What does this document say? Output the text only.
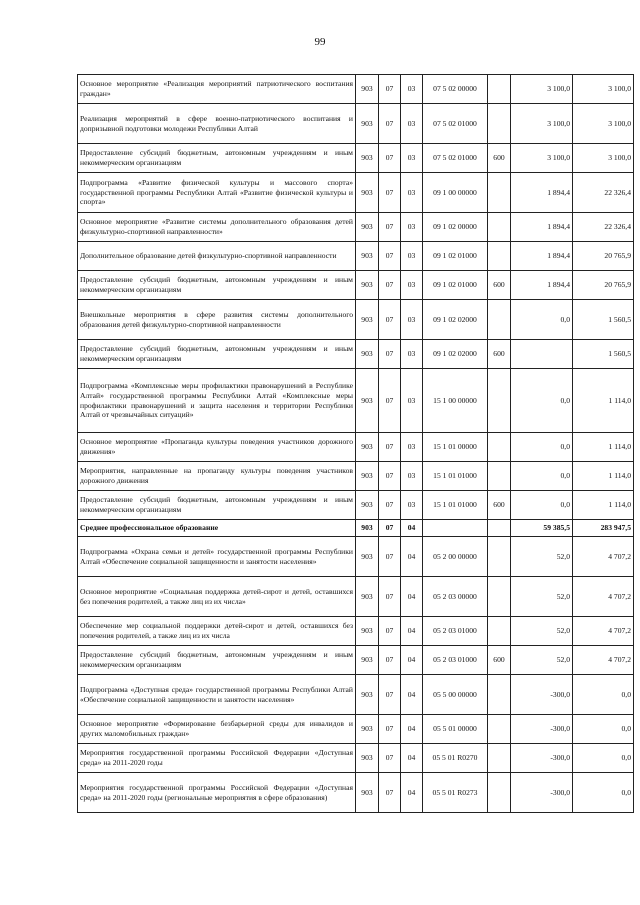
99
Основное мероприятие «Реализация мероприятий патриотического воспитания граждан»	903	07	03	07 5 02 00000		3 100,0	3 100,0
Реализация мероприятий в сфере военно-патриотического воспитания и допризывной подготовки молодежи Республики Алтай	903	07	03	07 5 02 01000		3 100,0	3 100,0
Предоставление субсидий бюджетным, автономным учреждениям и иным некоммерческим организациям	903	07	03	07 5 02 01000	600	3 100,0	3 100,0
Подпрограмма «Развитие физической культуры и массового спорта» государственной программы Республики Алтай «Развитие физической культуры и спорта»	903	07	03	09 1 00 00000		1 894,4	22 326,4
Основное мероприятие «Развитие системы дополнительного образования детей физкультурно-спортивной направленности»	903	07	03	09 1 02 00000		1 894,4	22 326,4
Дополнительное образование детей физкультурно-спортивной направленности	903	07	03	09 1 02 01000		1 894,4	20 765,9
Предоставление субсидий бюджетным, автономным учреждениям и иным некоммерческим организациям	903	07	03	09 1 02 01000	600	1 894,4	20 765,9
Внешкольные мероприятия в сфере развития системы дополнительного образования детей физкультурно-спортивной направленности	903	07	03	09 1 02 02000		0,0	1 560,5
Предоставление субсидий бюджетным, автономным учреждениям и иным некоммерческим организациям	903	07	03	09 1 02 02000	600		1 560,5
Подпрограмма «Комплексные меры профилактики правонарушений в Республике Алтай» государственной программы Республики Алтай «Комплексные меры профилактики правонарушений и защита населения и территории Республики Алтай от чрезвычайных ситуаций»	903	07	03	15 1 00 00000		0,0	1 114,0
Основное мероприятие «Пропаганда культуры поведения участников дорожного движения»	903	07	03	15 1 01 00000		0,0	1 114,0
Мероприятия, направленные на пропаганду культуры поведения участников дорожного движения	903	07	03	15 1 01 01000		0,0	1 114,0
Предоставление субсидий бюджетным, автономным учреждениям и иным некоммерческим организациям	903	07	03	15 1 01 01000	600	0,0	1 114,0
Среднее профессиональное образование	903	07	04			59 385,5	283 947,5
Подпрограмма «Охрана семьи и детей» государственной программы Республики Алтай «Обеспечение социальной защищенности и занятости населения»	903	07	04	05 2 00 00000		52,0	4 707,2
Основное мероприятие «Социальная поддержка детей-сирот и детей, оставшихся без попечения родителей, а также лиц из их числа»	903	07	04	05 2 03 00000		52,0	4 707,2
Обеспечение мер социальной поддержки детей-сирот и детей, оставшихся без попечения родителей, а также лиц из их числа	903	07	04	05 2 03 01000		52,0	4 707,2
Предоставление субсидий бюджетным, автономным учреждениям и иным некоммерческим организациям	903	07	04	05 2 03 01000	600	52,0	4 707,2
Подпрограмма «Доступная среда» государственной программы Республики Алтай «Обеспечение социальной защищенности и занятости населения»	903	07	04	05 5 00 00000		-300,0	0,0
Основное мероприятие «Формирование безбарьерной среды для инвалидов и других маломобильных граждан»	903	07	04	05 5 01 00000		-300,0	0,0
Мероприятия государственной программы Российской Федерации «Доступная среда» на 2011-2020 годы	903	07	04	05 5 01 R0270		-300,0	0,0
Мероприятия государственной программы Российской Федерации «Доступная среда» на 2011-2020 годы (региональные мероприятия в сфере образования)	903	07	04	05 5 01 R0273		-300,0	0,0
